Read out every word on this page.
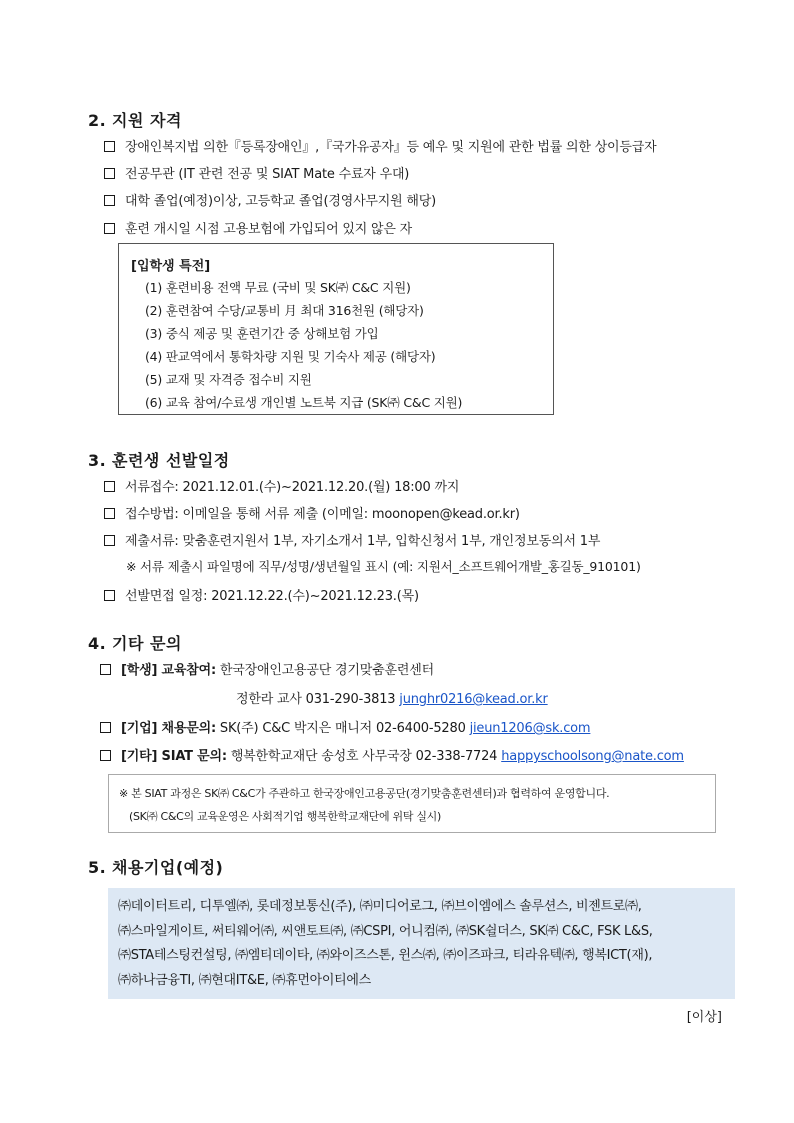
2. 지원 자격
장애인복지법 의한『등록장애인』,『국가유공자』등 예우 및 지원에 관한 법률 의한 상이등급자
전공무관 (IT 관련 전공 및 SIAT Mate 수료자 우대)
대학 졸업(예정)이상, 고등학교 졸업(경영사무지원 해당)
훈련 개시일 시점 고용보험에 가입되어 있지 않은 자
[입학생 특전]
(1) 훈련비용 전액 무료 (국비 및 SK㈜ C&C 지원)
(2) 훈련참여 수당/교통비 月 최대 316천원 (해당자)
(3) 중식 제공 및 훈련기간 중 상해보험 가입
(4) 판교역에서 통학차량 지원 및 기숙사 제공 (해당자)
(5) 교재 및 자격증 접수비 지원
(6) 교육 참여/수료생 개인별 노트북 지급 (SK㈜ C&C 지원)
3. 훈련생 선발일정
서류접수: 2021.12.01.(수)~2021.12.20.(월) 18:00 까지
접수방법: 이메일을 통해 서류 제출 (이메일: moonopen@kead.or.kr)
제출서류: 맞춤훈련지원서 1부, 자기소개서 1부, 입학신청서 1부, 개인정보동의서 1부
※ 서류 제출시 파일명에 직무/성명/생년월일 표시 (예: 지원서_소프트웨어개발_홍길동_910101)
선발면접 일정: 2021.12.22.(수)~2021.12.23.(목)
4. 기타 문의
[학생] 교육참여: 한국장애인고용공단 경기맞춤훈련센터
정한라 교사 031-290-3813 junghr0216@kead.or.kr
[기업] 채용문의: SK(주) C&C 박지은 매니저 02-6400-5280 jieun1206@sk.com
[기타] SIAT 문의: 행복한학교재단 송성호 사무국장 02-338-7724 happyschoolsong@nate.com
※ 본 SIAT 과정은 SK㈜ C&C가 주관하고 한국장애인고용공단(경기맞춤훈련센터)과 협력하여 운영합니다.
(SK㈜ C&C의 교육운영은 사회적기업 행복한학교재단에 위탁 실시)
5. 채용기업(예정)
㈜데이터트리, 디투엘㈜, 롯데정보통신(주), ㈜미디어로그, ㈜브이엠에스 솔루션스, 비젠트로㈜,
㈜스마일게이트, 써티웨어㈜, 씨앤토트㈜, ㈜CSPI, 어니컴㈜, ㈜SK쉴더스, SK㈜ C&C, FSK L&S,
㈜STA테스팅컨설팅, ㈜엠티데이타, ㈜와이즈스톤, 윈스㈜, ㈜이즈파크, 티라유텍㈜, 행복ICT(재),
㈜하나금융TI, ㈜현대IT&E, ㈜휴먼아이티에스
[이상]
